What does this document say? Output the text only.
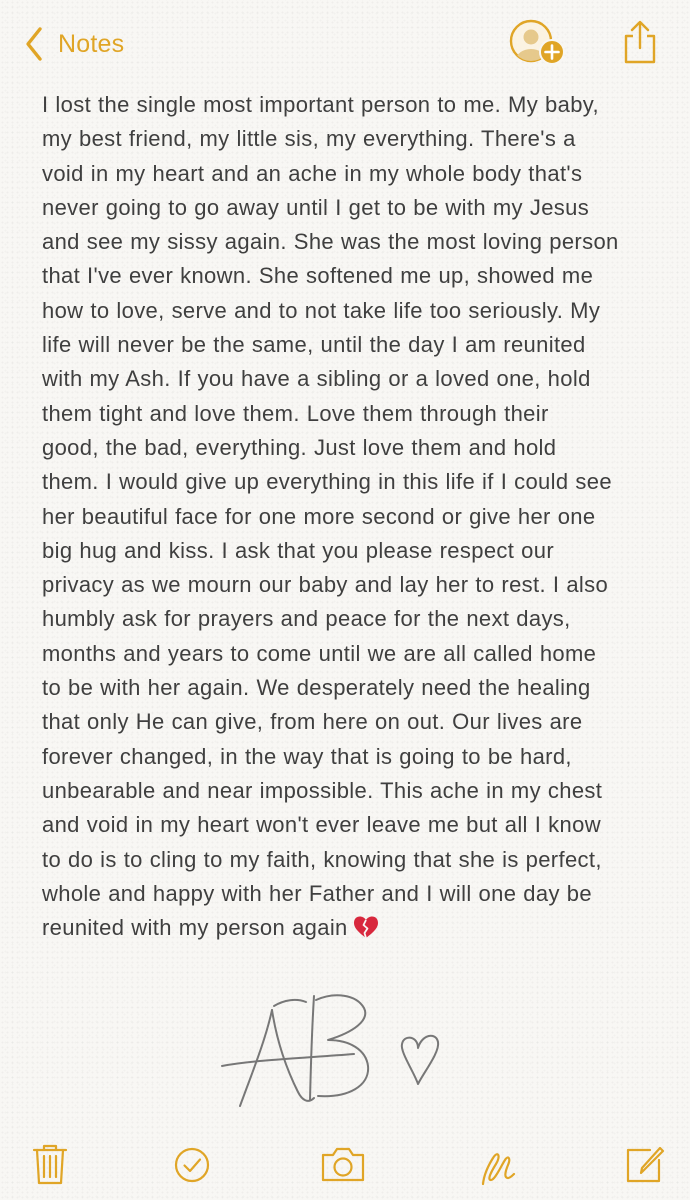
Notes
I lost the single most important person to me. My baby,
my best friend, my little sis, my everything. There's a
void in my heart and an ache in my whole body that's
never going to go away until I get to be with my Jesus
and see my sissy again. She was the most loving person
that I've ever known. She softened me up, showed me
how to love, serve and to not take life too seriously. My
life will never be the same, until the day I am reunited
with my Ash. If you have a sibling or a loved one, hold
them tight and love them. Love them through their
good, the bad, everything. Just love them and hold
them. I would give up everything in this life if I could see
her beautiful face for one more second or give her one
big hug and kiss. I ask that you please respect our
privacy as we mourn our baby and lay her to rest. I also
humbly ask for prayers and peace for the next days,
months and years to come until we are all called home
to be with her again. We desperately need the healing
that only He can give, from here on out. Our lives are
forever changed, in the way that is going to be hard,
unbearable and near impossible. This ache in my chest
and void in my heart won't ever leave me but all I know
to do is to cling to my faith, knowing that she is perfect,
whole and happy with her Father and I will one day be
reunited with my person again
